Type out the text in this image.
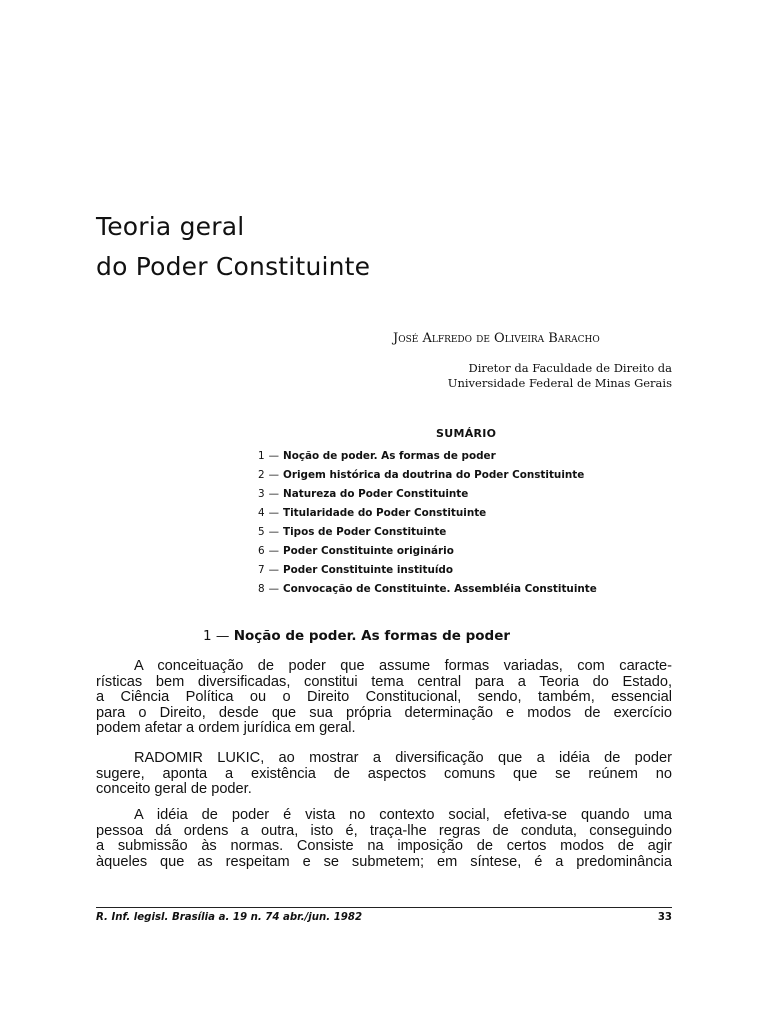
Teoria geral
do Poder Constituinte
José Alfredo de Oliveira Baracho
Diretor da Faculdade de Direito da
Universidade Federal de Minas Gerais
SUMÁRIO
1 — Noção de poder. As formas de poder
2 — Origem histórica da doutrina do Poder Constituinte
3 — Natureza do Poder Constituinte
4 — Titularidade do Poder Constituinte
5 — Tipos de Poder Constituinte
6 — Poder Constituinte originário
7 — Poder Constituinte instituído
8 — Convocação de Constituinte. Assembléia Constituinte
1 — Noção de poder. As formas de poder
A conceituação de poder que assume formas variadas, com caracte-
rísticas bem diversificadas, constitui tema central para a Teoria do Estado,
a Ciência Política ou o Direito Constitucional, sendo, também, essencial
para o Direito, desde que sua própria determinação e modos de exercício
podem afetar a ordem jurídica em geral.
RADOMIR LUKIC, ao mostrar a diversificação que a idéia de poder
sugere, aponta a existência de aspectos comuns que se reúnem no
conceito geral de poder.
A idéia de poder é vista no contexto social, efetiva-se quando uma
pessoa dá ordens a outra, isto é, traça-lhe regras de conduta, conseguindo
a submissão às normas. Consiste na imposição de certos modos de agir
àqueles que as respeitam e se submetem; em síntese, é a predominância
R. Inf. legisl. Brasília a. 19 n. 74 abr./jun. 1982	33
